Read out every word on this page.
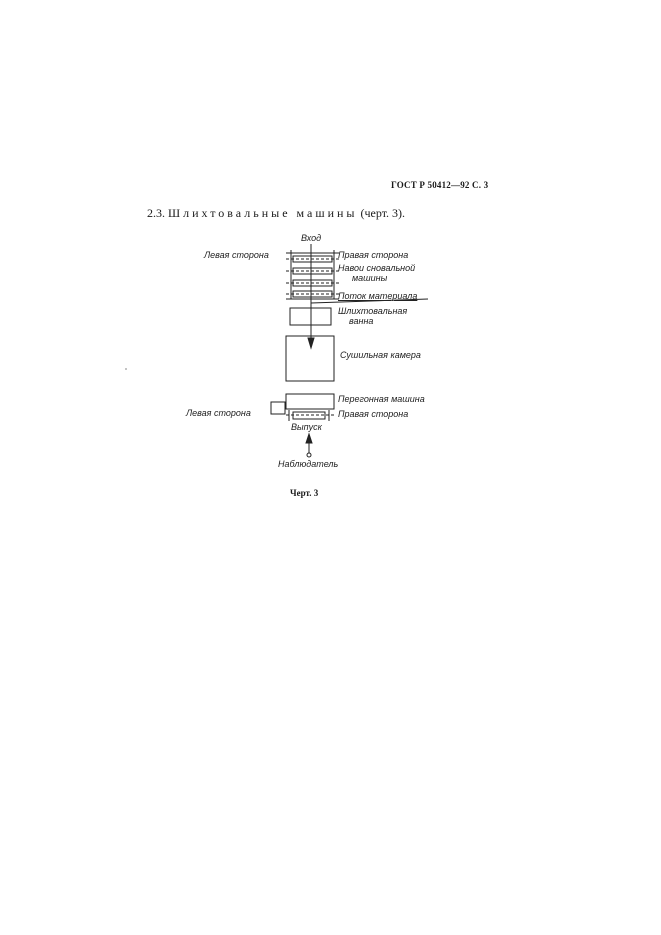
ГОСТ Р 50412—92 С. 3
2.3. Шлихтовальные машины (черт. 3).
Вход
Левая сторона	Правая сторона
Навои сновальной
машины
Поток материала
Шлихтовальная
ванна
Сушильная камера
Перегонная машина
Левая сторона	Правая сторона
Выпуск
Наблюдатель
Черт. 3
